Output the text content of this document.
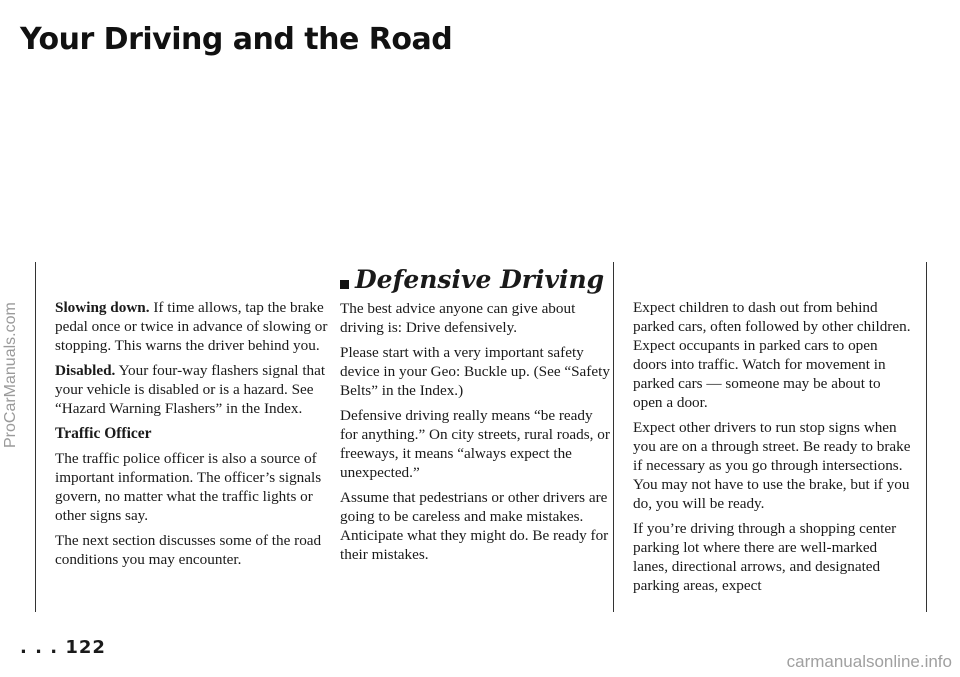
Your Driving and the Road
ProCarManuals.com Slowing down. If time allows, tap the brake pedal once or twice in advance of slowing or stopping. This warns the driver behind you.

Disabled. Your four-way flashers signal that your vehicle is disabled or is a hazard. See “Hazard Warning Flashers” in the Index.

Traffic Officer

The traffic police officer is also a source of important information. The officer’s signals govern, no matter what the traffic lights or other signs say.

The next section discusses some of the road conditions you may encounter.

Defensive Driving

The best advice anyone can give about driving is: Drive defensively.

Please start with a very important safety device in your Geo: Buckle up. (See “Safety Belts” in the Index.)

Defensive driving really means “be ready for anything.” On city streets, rural roads, or freeways, it means “always expect the unexpected.”

Assume that pedestrians or other drivers are going to be careless and make mistakes. Anticipate what they might do. Be ready for their mistakes.

Expect children to dash out from behind parked cars, often followed by other children. Expect occupants in parked cars to open doors into traffic. Watch for movement in parked cars — someone may be about to open a door.

Expect other drivers to run stop signs when you are on a through street. Be ready to brake if necessary as you go through intersections. You may not have to use the brake, but if you do, you will be ready.

If you’re driving through a shopping center parking lot where there are well-marked lanes, directional arrows, and designated parking areas, expect

. . . 122
carmanualsonline.info
